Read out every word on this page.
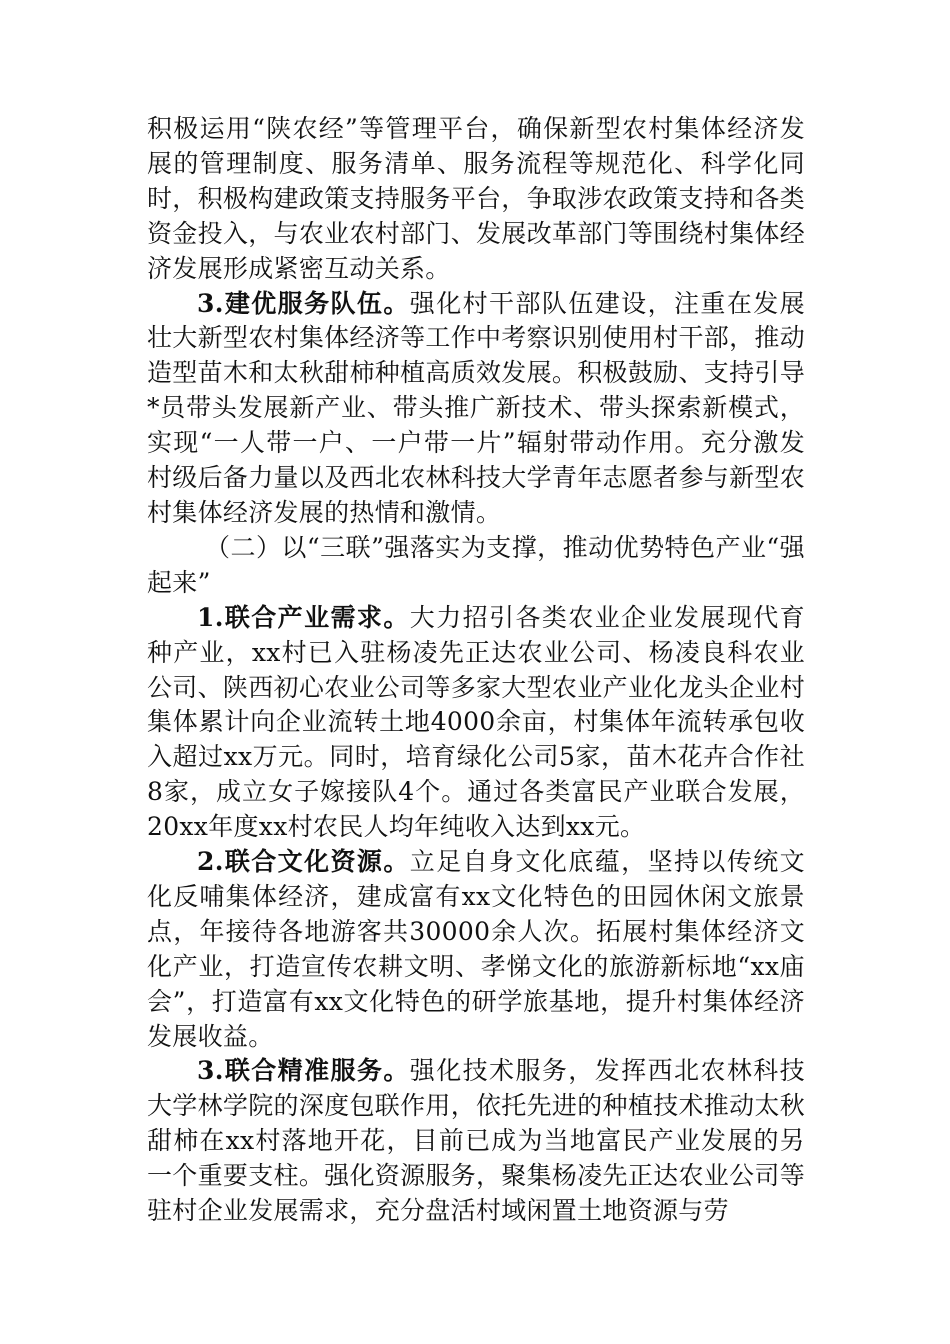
积极运用“陕农经”等管理平台，确保新型农村集体经济发展的管理制度、服务清单、服务流程等规范化、科学化同时，积极构建政策支持服务平台，争取涉农政策支持和各类资金投入，与农业农村部门、发展改革部门等围绕村集体经济发展形成紧密互动关系。

3.建优服务队伍。强化村干部队伍建设，注重在发展壮大新型农村集体经济等工作中考察识别使用村干部，推动造型苗木和太秋甜柿种植高质效发展。积极鼓励、支持引导*员带头发展新产业、带头推广新技术、带头探索新模式，实现“一人带一户、一户带一片”辐射带动作用。充分激发村级后备力量以及西北农林科技大学青年志愿者参与新型农村集体经济发展的热情和激情。

（二）以“三联”强落实为支撑，推动优势特色产业“强起来”

1.联合产业需求。大力招引各类农业企业发展现代育种产业，xx村已入驻杨凌先正达农业公司、杨凌良科农业公司、陕西初心农业公司等多家大型农业产业化龙头企业村集体累计向企业流转土地4000余亩，村集体年流转承包收入超过xx万元。同时，培育绿化公司5家，苗木花卉合作社8家，成立女子嫁接队4个。通过各类富民产业联合发展，20xx年度xx村农民人均年纯收入达到xx元。

2.联合文化资源。立足自身文化底蕴，坚持以传统文化反哺集体经济，建成富有xx文化特色的田园休闲文旅景点，年接待各地游客共30000余人次。拓展村集体经济文化产业，打造宣传农耕文明、孝悌文化的旅游新标地“xx庙会”，打造富有xx文化特色的研学旅基地，提升村集体经济发展收益。

3.联合精准服务。强化技术服务，发挥西北农林科技大学林学院的深度包联作用，依托先进的种植技术推动太秋甜柿在xx村落地开花，目前已成为当地富民产业发展的另一个重要支柱。强化资源服务，聚集杨凌先正达农业公司等驻村企业发展需求，充分盘活村域闲置土地资源与劳
